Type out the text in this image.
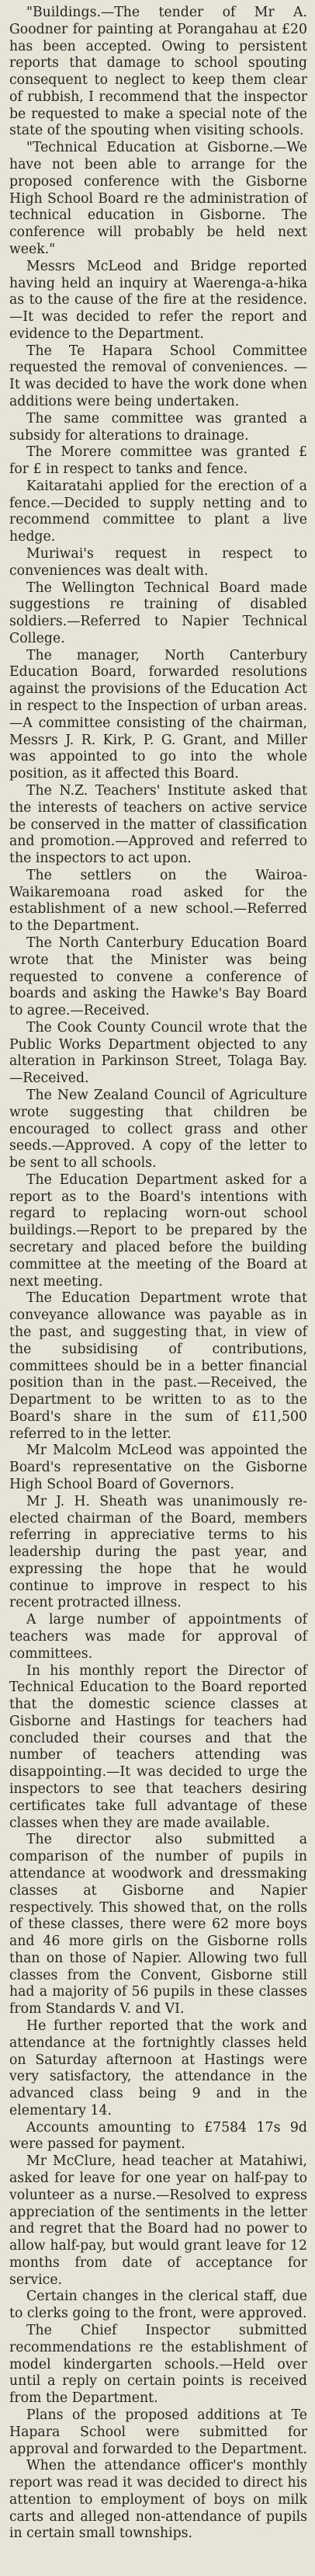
"Buildings.—The tender of Mr A. Goodner for painting at Porangahau at £20 has been accepted. Owing to persistent reports that damage to school spouting consequent to neglect to keep them clear of rubbish, I recommend that the inspector be requested to make a special note of the state of the spouting when visiting schools.

"Technical Education at Gisborne.—We have not been able to arrange for the proposed conference with the Gisborne High School Board re the administration of technical education in Gisborne. The conference will probably be held next week."

Messrs McLeod and Bridge reported having held an inquiry at Waerenga-a-hika as to the cause of the fire at the residence.—It was decided to refer the report and evidence to the Department.

The Te Hapara School Committee requested the removal of conveniences. —It was decided to have the work done when additions were being undertaken.

The same committee was granted a subsidy for alterations to drainage.

The Morere committee was granted £ for £ in respect to tanks and fence.

Kaitaratahi applied for the erection of a fence.—Decided to supply netting and to recommend committee to plant a live hedge.

Muriwai's request in respect to conveniences was dealt with.

The Wellington Technical Board made suggestions re training of disabled soldiers.—Referred to Napier Technical College.

The manager, North Canterbury Education Board, forwarded resolutions against the provisions of the Education Act in respect to the Inspection of urban areas.—A committee consisting of the chairman, Messrs J. R. Kirk, P. G. Grant, and Miller was appointed to go into the whole position, as it affected this Board.

The N.Z. Teachers' Institute asked that the interests of teachers on active service be conserved in the matter of classification and promotion.—Approved and referred to the inspectors to act upon.

The settlers on the Wairoa-Waikaremoana road asked for the establishment of a new school.—Referred to the Department.

The North Canterbury Education Board wrote that the Minister was being requested to convene a conference of boards and asking the Hawke's Bay Board to agree.—Received.

The Cook County Council wrote that the Public Works Department objected to any alteration in Parkinson Street, Tolaga Bay.—Received.

The New Zealand Council of Agriculture wrote suggesting that children be encouraged to collect grass and other seeds.—Approved. A copy of the letter to be sent to all schools.

The Education Department asked for a report as to the Board's intentions with regard to replacing worn-out school buildings.—Report to be prepared by the secretary and placed before the building committee at the meeting of the Board at next meeting.

The Education Department wrote that conveyance allowance was payable as in the past, and suggesting that, in view of the subsidising of contributions, committees should be in a better financial position than in the past.—Received, the Department to be written to as to the Board's share in the sum of £11,500 referred to in the letter.

Mr Malcolm McLeod was appointed the Board's representative on the Gisborne High School Board of Governors.

Mr J. H. Sheath was unanimously re-elected chairman of the Board, members referring in appreciative terms to his leadership during the past year, and expressing the hope that he would continue to improve in respect to his recent protracted illness.

A large number of appointments of teachers was made for approval of committees.

In his monthly report the Director of Technical Education to the Board reported that the domestic science classes at Gisborne and Hastings for teachers had concluded their courses and that the number of teachers attending was disappointing.—It was decided to urge the inspectors to see that teachers desiring certificates take full advantage of these classes when they are made available.

The director also submitted a comparison of the number of pupils in attendance at woodwork and dressmaking classes at Gisborne and Napier respectively. This showed that, on the rolls of these classes, there were 62 more boys and 46 more girls on the Gisborne rolls than on those of Napier. Allowing two full classes from the Convent, Gisborne still had a majority of 56 pupils in these classes from Standards V. and VI.

He further reported that the work and attendance at the fortnightly classes held on Saturday afternoon at Hastings were very satisfactory, the attendance in the advanced class being 9 and in the elementary 14.

Accounts amounting to £7584 17s 9d were passed for payment.

Mr McClure, head teacher at Matahiwi, asked for leave for one year on half-pay to volunteer as a nurse.—Resolved to express appreciation of the sentiments in the letter and regret that the Board had no power to allow half-pay, but would grant leave for 12 months from date of acceptance for service.

Certain changes in the clerical staff, due to clerks going to the front, were approved.

The Chief Inspector submitted recommendations re the establishment of model kindergarten schools.—Held over until a reply on certain points is received from the Department.

Plans of the proposed additions at Te Hapara School were submitted for approval and forwarded to the Department.

When the attendance officer's monthly report was read it was decided to direct his attention to employment of boys on milk carts and alleged non-attendance of pupils in certain small townships.
